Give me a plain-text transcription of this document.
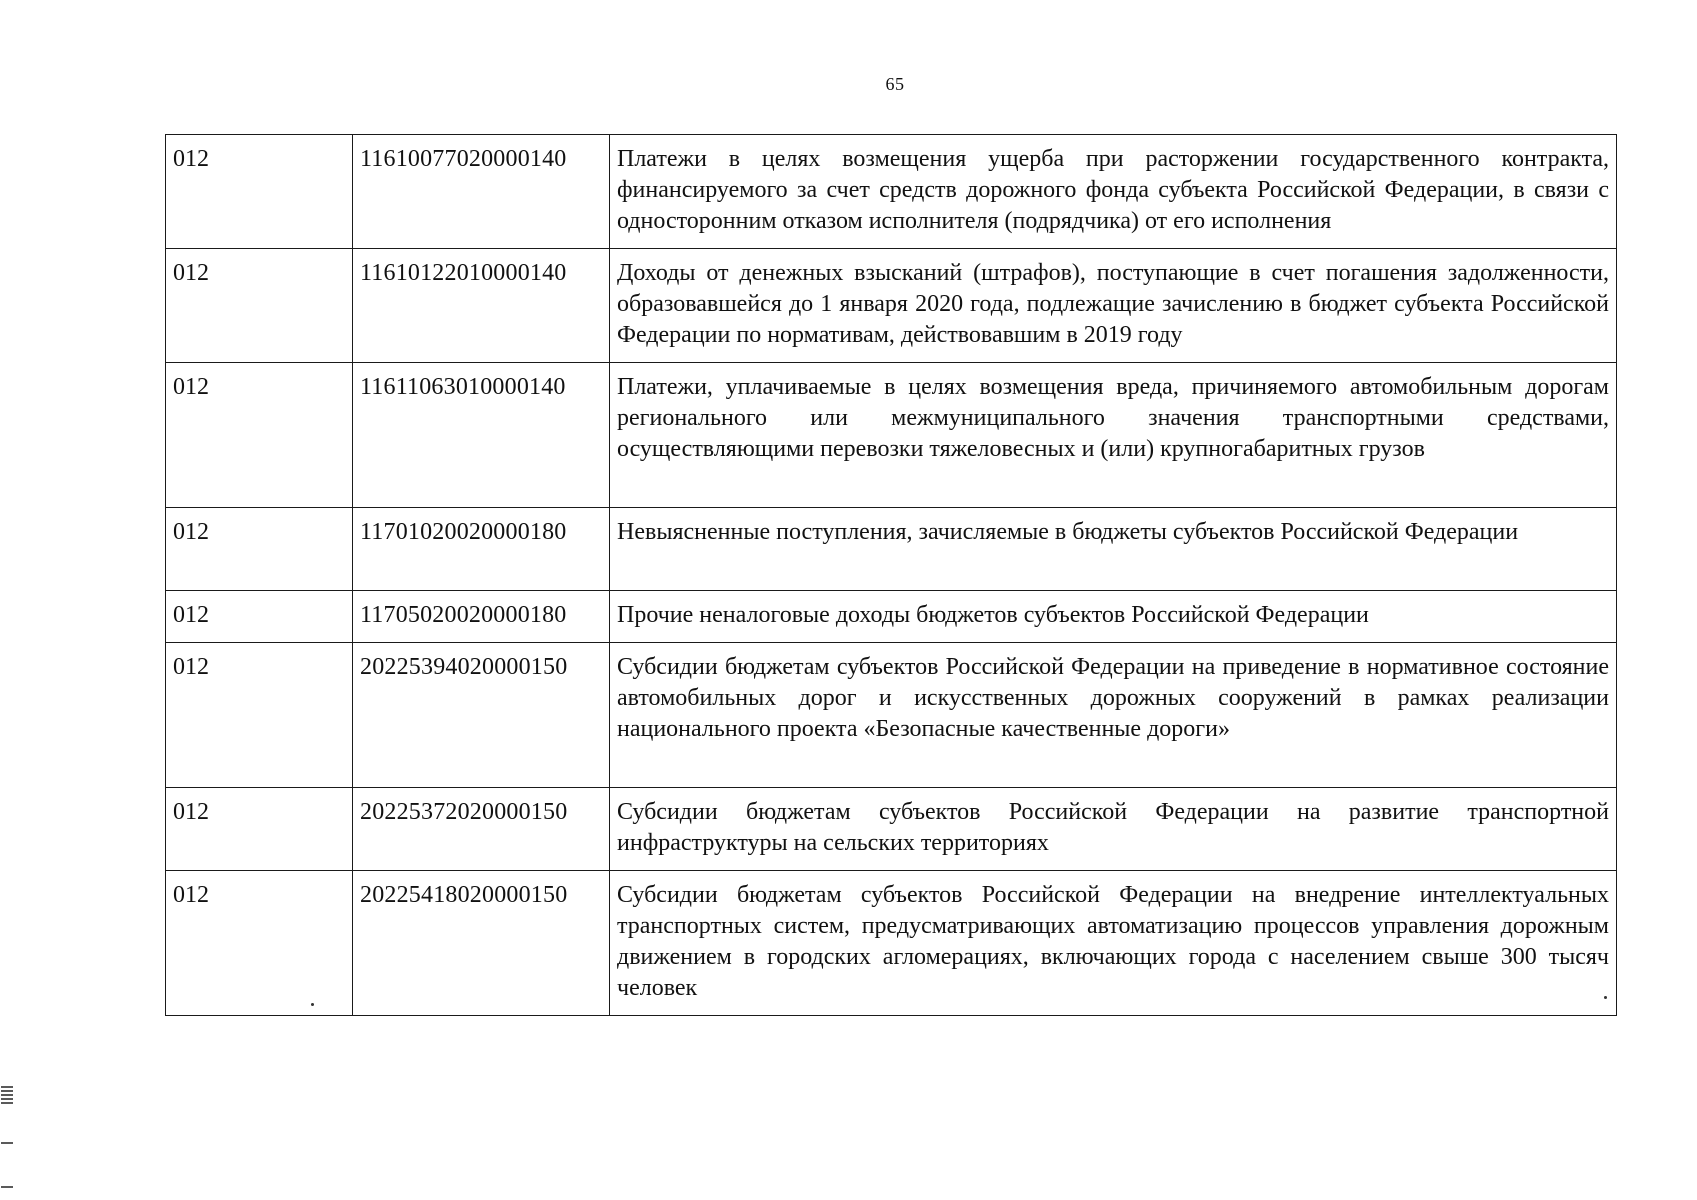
65
012	11610077020000140	Платежи в целях возмещения ущерба при расторжении государственного контракта, финансируемого за счет средств дорожного фонда субъекта Российской Федерации, в связи с односторонним отказом исполнителя (подрядчика) от его исполнения
012	11610122010000140	Доходы от денежных взысканий (штрафов), поступающие в счет погашения задолженности, образовавшейся до 1 января 2020 года, подлежащие зачислению в бюджет субъекта Российской Федерации по нормативам, действовавшим в 2019 году
012	11611063010000140	Платежи, уплачиваемые в целях возмещения вреда, причиняемого автомобильным дорогам регионального или межмуниципального значения транспортными средствами, осуществляющими перевозки тяжеловесных и (или) крупногабаритных грузов
012	11701020020000180	Невыясненные поступления, зачисляемые в бюджеты субъектов Российской Федерации
012	11705020020000180	Прочие неналоговые доходы бюджетов субъектов Российской Федерации
012	20225394020000150	Субсидии бюджетам субъектов Российской Федерации на приведение в нормативное состояние автомобильных дорог и искусственных дорожных сооружений в рамках реализации национального проекта «Безопасные качественные дороги»
012	20225372020000150	Субсидии бюджетам субъектов Российской Федерации на развитие транспортной инфраструктуры на сельских территориях
012	20225418020000150	Субсидии бюджетам субъектов Российской Федерации на внедрение интеллектуальных транспортных систем, предусматривающих автоматизацию процессов управления дорожным движением в городских агломерациях, включающих города с населением свыше 300 тысяч человек
